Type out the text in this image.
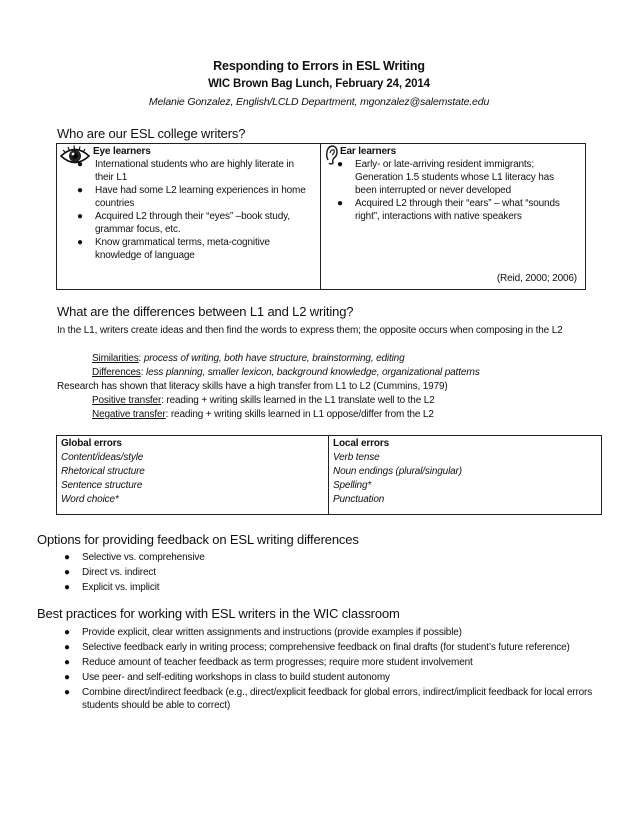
Responding to Errors in ESL Writing

WIC Brown Bag Lunch, February 24, 2014

Melanie Gonzalez, English/LCLD Department, mgonzalez@salemstate.edu

Who are our ESL college writers?
Eye learners
● International students who are highly literate in their L1
● Have had some L2 learning experiences in home countries
● Acquired L2 through their “eyes” –book study, grammar focus, etc.
● Know grammatical terms, meta-cognitive knowledge of language

Ear learners
● Early- or late-arriving resident immigrants; Generation 1.5 students whose L1 literacy has been interrupted or never developed
● Acquired L2 through their “ears” – what “sounds right”, interactions with native speakers
(Reid, 2000; 2006)
What are the differences between L1 and L2 writing?
In the L1, writers create ideas and then find the words to express them; the opposite occurs when composing in the L2
Similarities: process of writing, both have structure, brainstorming, editing
Differences: less planning, smaller lexicon, background knowledge, organizational patterns
Research has shown that literacy skills have a high transfer from L1 to L2 (Cummins, 1979)
Positive transfer: reading + writing skills learned in the L1 translate well to the L2
Negative transfer: reading + writing skills learned in L1 oppose/differ from the L2
Global errors
Content/ideas/style
Rhetorical structure
Sentence structure
Word choice*

Local errors
Verb tense
Noun endings (plural/singular)
Spelling*
Punctuation
Options for providing feedback on ESL writing differences
● Selective vs. comprehensive
● Direct vs. indirect
● Explicit vs. implicit
Best practices for working with ESL writers in the WIC classroom
● Provide explicit, clear written assignments and instructions (provide examples if possible)
● Selective feedback early in writing process; comprehensive feedback on final drafts (for student’s future reference)
● Reduce amount of teacher feedback as term progresses; require more student involvement
● Use peer- and self-editing workshops in class to build student autonomy
● Combine direct/indirect feedback (e.g., direct/explicit feedback for global errors, indirect/implicit feedback for local errors students should be able to correct)
